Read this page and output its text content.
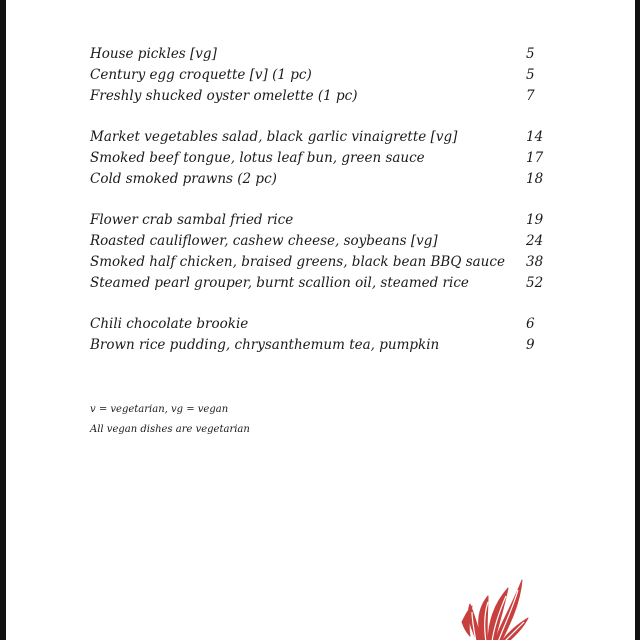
House pickles [vg]	5
Century egg croquette [v] (1 pc)	5
Freshly shucked oyster omelette (1 pc)	7
Market vegetables salad, black garlic vinaigrette [vg]	14
Smoked beef tongue, lotus leaf bun, green sauce	17
Cold smoked prawns (2 pc)	18
Flower crab sambal fried rice	19
Roasted cauliflower, cashew cheese, soybeans [vg]	24
Smoked half chicken, braised greens, black bean BBQ sauce	38
Steamed pearl grouper, burnt scallion oil, steamed rice	52
Chili chocolate brookie	6
Brown rice pudding, chrysanthemum tea, pumpkin	9
v = vegetarian, vg = vegan
All vegan dishes are vegetarian
